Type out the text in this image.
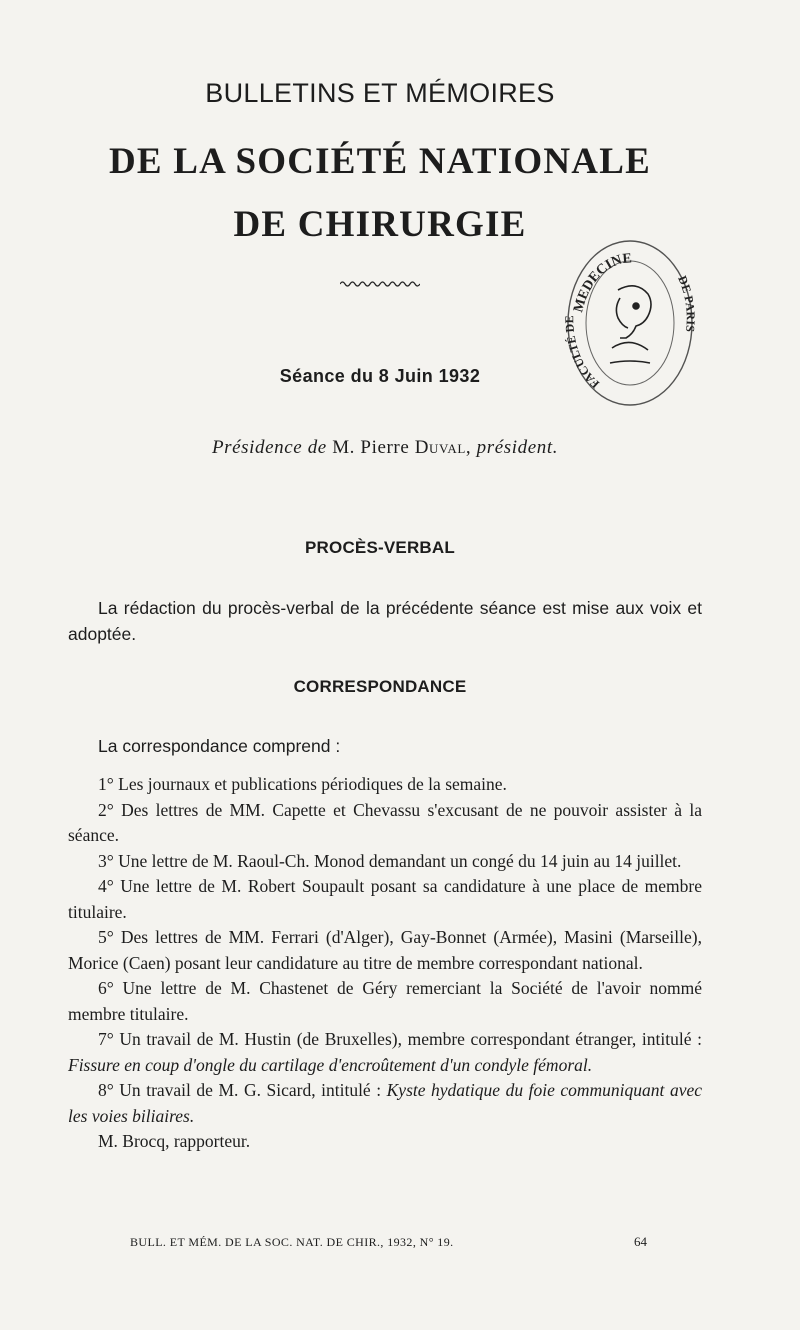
BULLETINS ET MÉMOIRES
DE LA SOCIÉTÉ NATIONALE
DE CHIRURGIE
MEDECINE
FACULTÉ DE
DE PARIS

Séance du 8 Juin 1932

Présidence de M. Pierre Duval, président.

PROCÈS-VERBAL

La rédaction du procès-verbal de la précédente séance est mise aux voix et adoptée.

CORRESPONDANCE

La correspondance comprend :

1° Les journaux et publications périodiques de la semaine.

2° Des lettres de MM. Capette et Chevassu s'excusant de ne pouvoir assister à la séance.

3° Une lettre de M. Raoul-Ch. Monod demandant un congé du 14 juin au 14 juillet.

4° Une lettre de M. Robert Soupault posant sa candidature à une place de membre titulaire.

5° Des lettres de MM. Ferrari (d'Alger), Gay-Bonnet (Armée), Masini (Marseille), Morice (Caen) posant leur candidature au titre de membre correspondant national.

6° Une lettre de M. Chastenet de Géry remerciant la Société de l'avoir nommé membre titulaire.

7° Un travail de M. Hustin (de Bruxelles), membre correspondant étranger, intitulé : Fissure en coup d'ongle du cartilage d'encroûtement d'un condyle fémoral.

8° Un travail de M. G. Sicard, intitulé : Kyste hydatique du foie communiquant avec les voies biliaires.

M. Brocq, rapporteur.

BULL. ET MÉM. DE LA SOC. NAT. DE CHIR., 1932, N° 19.	64
